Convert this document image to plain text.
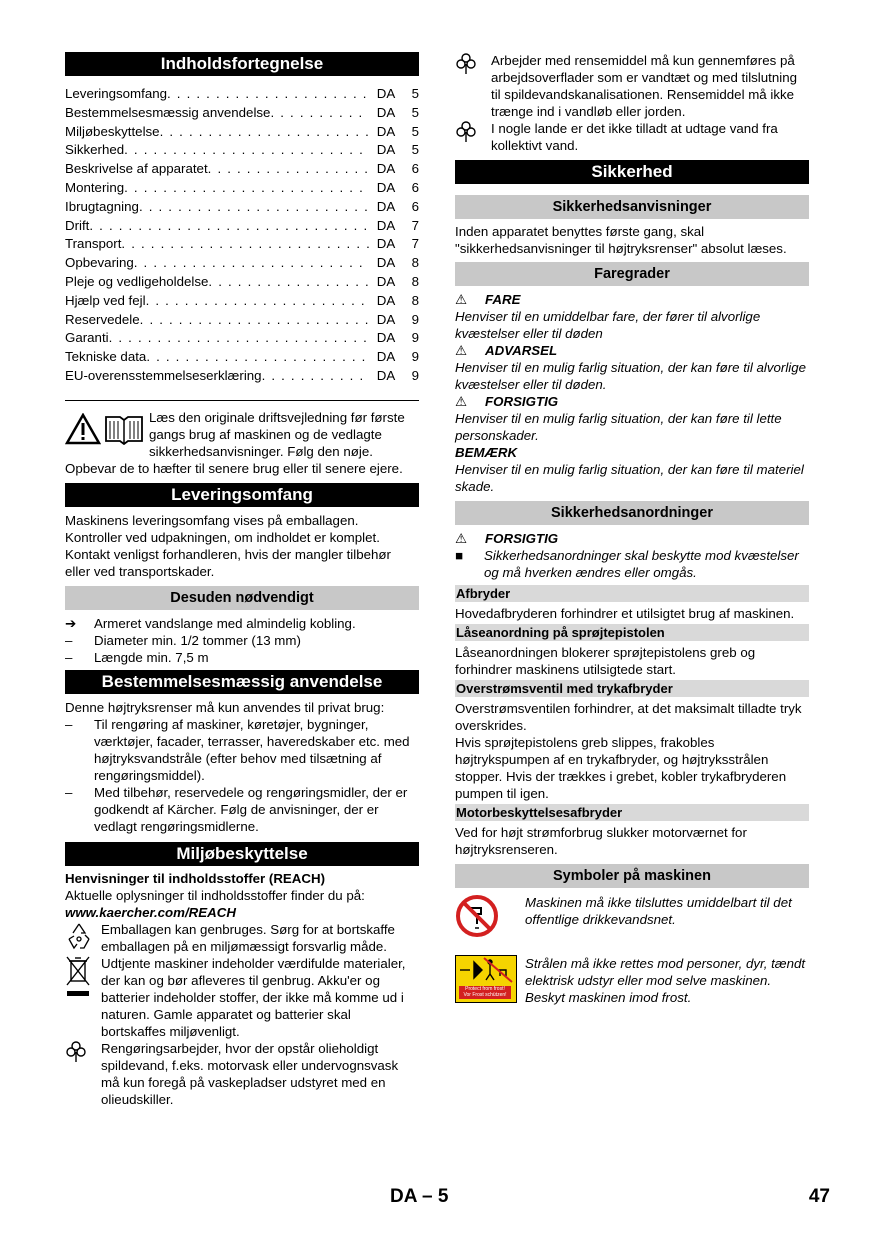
Indholdsfortegnelse
Leveringsomfang . . .	DA	5
Bestemmelsesmæssig anvendelse . . .	DA	5
Miljøbeskyttelse . . .	DA	5
Sikkerhed . . .	DA	5
Beskrivelse af apparatet . . .	DA	6
Montering . . .	DA	6
Ibrugtagning . . .	DA	6
Drift . . .	DA	7
Transport . . .	DA	7
Opbevaring . . .	DA	8
Pleje og vedligeholdelse . . .	DA	8
Hjælp ved fejl . . .	DA	8
Reservedele . . .	DA	9
Garanti . . .	DA	9
Tekniske data . . .	DA	9
EU-overensstemmelseserklæring . . .	DA	9

Læs den originale driftsvejledning før første gangs brug af maskinen og de vedlagte sikkerhedsanvisninger. Følg den nøje.

Opbevar de to hæfter til senere brug eller til senere ejere.

Leveringsomfang

Maskinens leveringsomfang vises på emballagen. Kontroller ved udpakningen, om indholdet er komplet. Kontakt venligst forhandleren, hvis der mangler tilbehør eller ved transportskader.

Desuden nødvendigt
➔	Armeret vandslange med almindelig kobling.
–	Diameter min. 1/2 tommer (13 mm)
–	Længde min. 7,5 m
Bestemmelsesmæssig anvendelse

Denne højtryksrenser må kun anvendes til privat brug:

–	Til rengøring af maskiner, køretøjer, bygninger, værktøjer, facader, terrasser, haveredskaber etc. med højtryksvandstråle (efter behov med tilsætning af rengøringsmiddel).
–	Med tilbehør, reservedele og rengøringsmidler, der er godkendt af Kärcher. Følg de anvisninger, der er vedlagt rengøringsmidlerne.
Miljøbeskyttelse

Henvisninger til indholdsstoffer (REACH)

Aktuelle oplysninger til indholdsstoffer finder du på:

www.kaercher.com/REACH

Emballagen kan genbruges. Sørg for at bortskaffe emballagen på en miljømæssigt forsvarlig måde.
Udtjente maskiner indeholder værdifulde materialer, der kan og bør afleveres til genbrug. Akku'er og batterier indeholder stoffer, der ikke må komme ud i naturen. Gamle apparatet og batterier skal bortskaffes miljøvenligt.
Rengøringsarbejder, hvor der opstår olieholdigt spildevand, f.eks. motorvask eller undervognsvask må kun foregå på vaskepladser udstyret med en olieudskiller.
Arbejder med rensemiddel må kun gennemføres på arbejdsoverflader som er vandtæt og med tilslutning til spildevandskanalisationen. Rensemiddel må ikke trænge ind i vandløb eller jorden.
I nogle lande er det ikke tilladt at udtage vand fra kollektivt vand.
Sikkerhed
Sikkerhedsanvisninger

Inden apparatet benyttes første gang, skal "sikkerhedsanvisninger til højtryksrenser" absolut læses.

Faregrader
⚠	FARE

Henviser til en umiddelbar fare, der fører til alvorlige kvæstelser eller til døden

⚠	ADVARSEL

Henviser til en mulig farlig situation, der kan føre til alvorlige kvæstelser eller til døden.

⚠	FORSIGTIG

Henviser til en mulig farlig situation, der kan føre til lette personskader.

BEMÆRK

Henviser til en mulig farlig situation, der kan føre til materiel skade.

Sikkerhedsanordninger
⚠	FORSIGTIG
■	Sikkerhedsanordninger skal beskytte mod kvæstelser og må hverken ændres eller omgås.
Afbryder

Hovedafbryderen forhindrer et utilsigtet brug af maskinen.

Låseanordning på sprøjtepistolen

Låseanordningen blokerer sprøjtepistolens greb og forhindrer maskinens utilsigtede start.

Overstrømsventil med trykafbryder

Overstrømsventilen forhindrer, at det maksimalt tilladte tryk overskrides.

Hvis sprøjtepistolens greb slippes, frakobles højtrykspumpen af en trykafbryder, og højtryksstrålen stopper. Hvis der trækkes i grebet, kobler trykafbryderen pumpen til igen.

Motorbeskyttelsesafbryder

Ved for højt strømforbrug slukker motorværnet for højtryksrenseren.

Symboler på maskinen

Maskinen må ikke tilsluttes umiddelbart til det offentlige drikkevandsnet.

Protect from frost!
Vor Frost schützen!

Strålen må ikke rettes mod personer, dyr, tændt elektrisk udstyr eller mod selve maskinen.

Beskyt maskinen imod frost.

DA – 5	47
